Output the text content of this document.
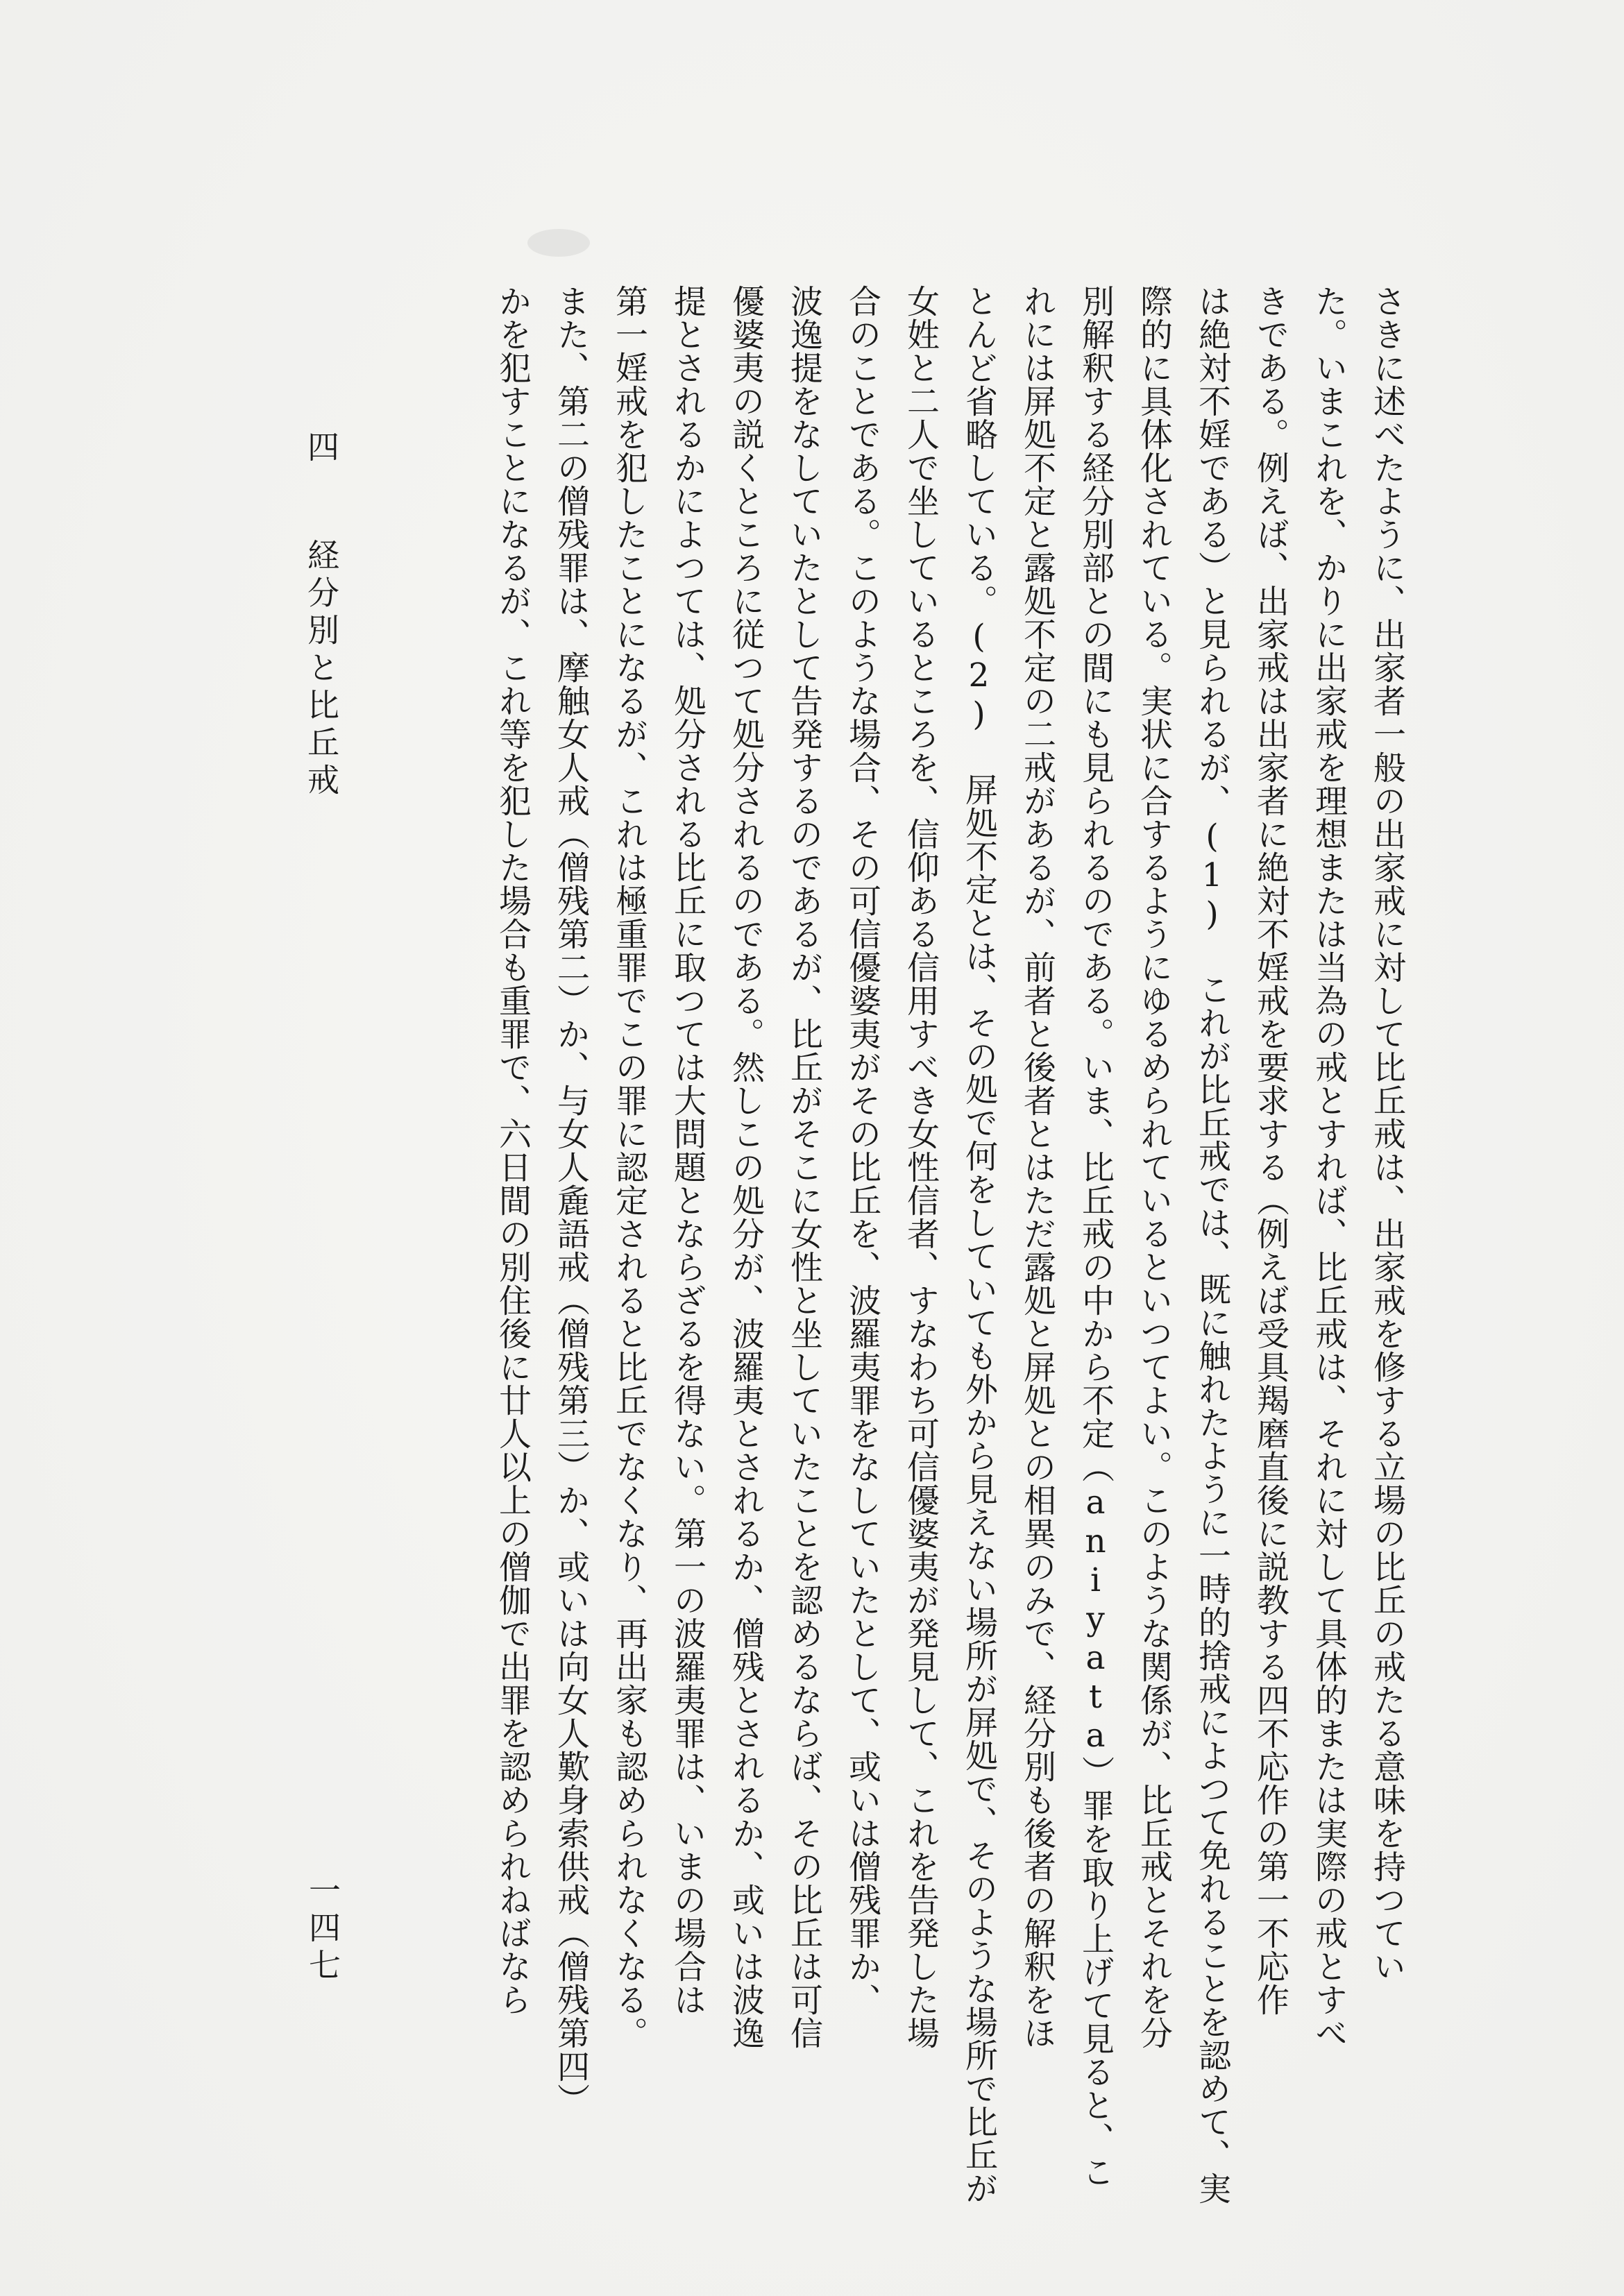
さきに述べたように、出家者一般の出家戒に対して比丘戒は、出家戒を修する立場の比丘の戒たる意味を持つてい
た。いまこれを、かりに出家戒を理想または当為の戒とすれば、比丘戒は、それに対して具体的または実際の戒とすべ
きである。例えば、出家戒は出家者に絶対不婬戒を要求する（例えば受具羯磨直後に説教する四不応作の第一不応作
は絶対不婬である）と見られるが、(1) これが比丘戒では、既に触れたように一時的捨戒によつて免れることを認めて、実
際的に具体化されている。実状に合するようにゆるめられているといつてよい。このような関係が、比丘戒とそれを分
別解釈する経分別部との間にも見られるのである。いま、比丘戒の中から不定（aniyata）罪を取り上げて見ると、こ
れには屏処不定と露処不定の二戒があるが、前者と後者とはただ露処と屏処との相異のみで、経分別も後者の解釈をほ
とんど省略している。(2) 屏処不定とは、その処で何をしていても外から見えない場所が屏処で、そのような場所で比丘が
女姓と二人で坐しているところを、信仰ある信用すべき女性信者、すなわち可信優婆夷が発見して、これを告発した場
合のことである。このような場合、その可信優婆夷がその比丘を、波羅夷罪をなしていたとして、或いは僧残罪か、
波逸提をなしていたとして告発するのであるが、比丘がそこに女性と坐していたことを認めるならば、その比丘は可信
優婆夷の説くところに従つて処分されるのである。然しこの処分が、波羅夷とされるか、僧残とされるか、或いは波逸
提とされるかによつては、処分される比丘に取つては大問題とならざるを得ない。第一の波羅夷罪は、いまの場合は
第一婬戒を犯したことになるが、これは極重罪でこの罪に認定されると比丘でなくなり、再出家も認められなくなる。
また、第二の僧残罪は、摩触女人戒（僧残第二）か、与女人麁語戒（僧残第三）か、或いは向女人歎身索供戒（僧残第四）
かを犯すことになるが、これ等を犯した場合も重罪で、六日間の別住後に廿人以上の僧伽で出罪を認められねばなら
四 経分別と比丘戒
一四七
